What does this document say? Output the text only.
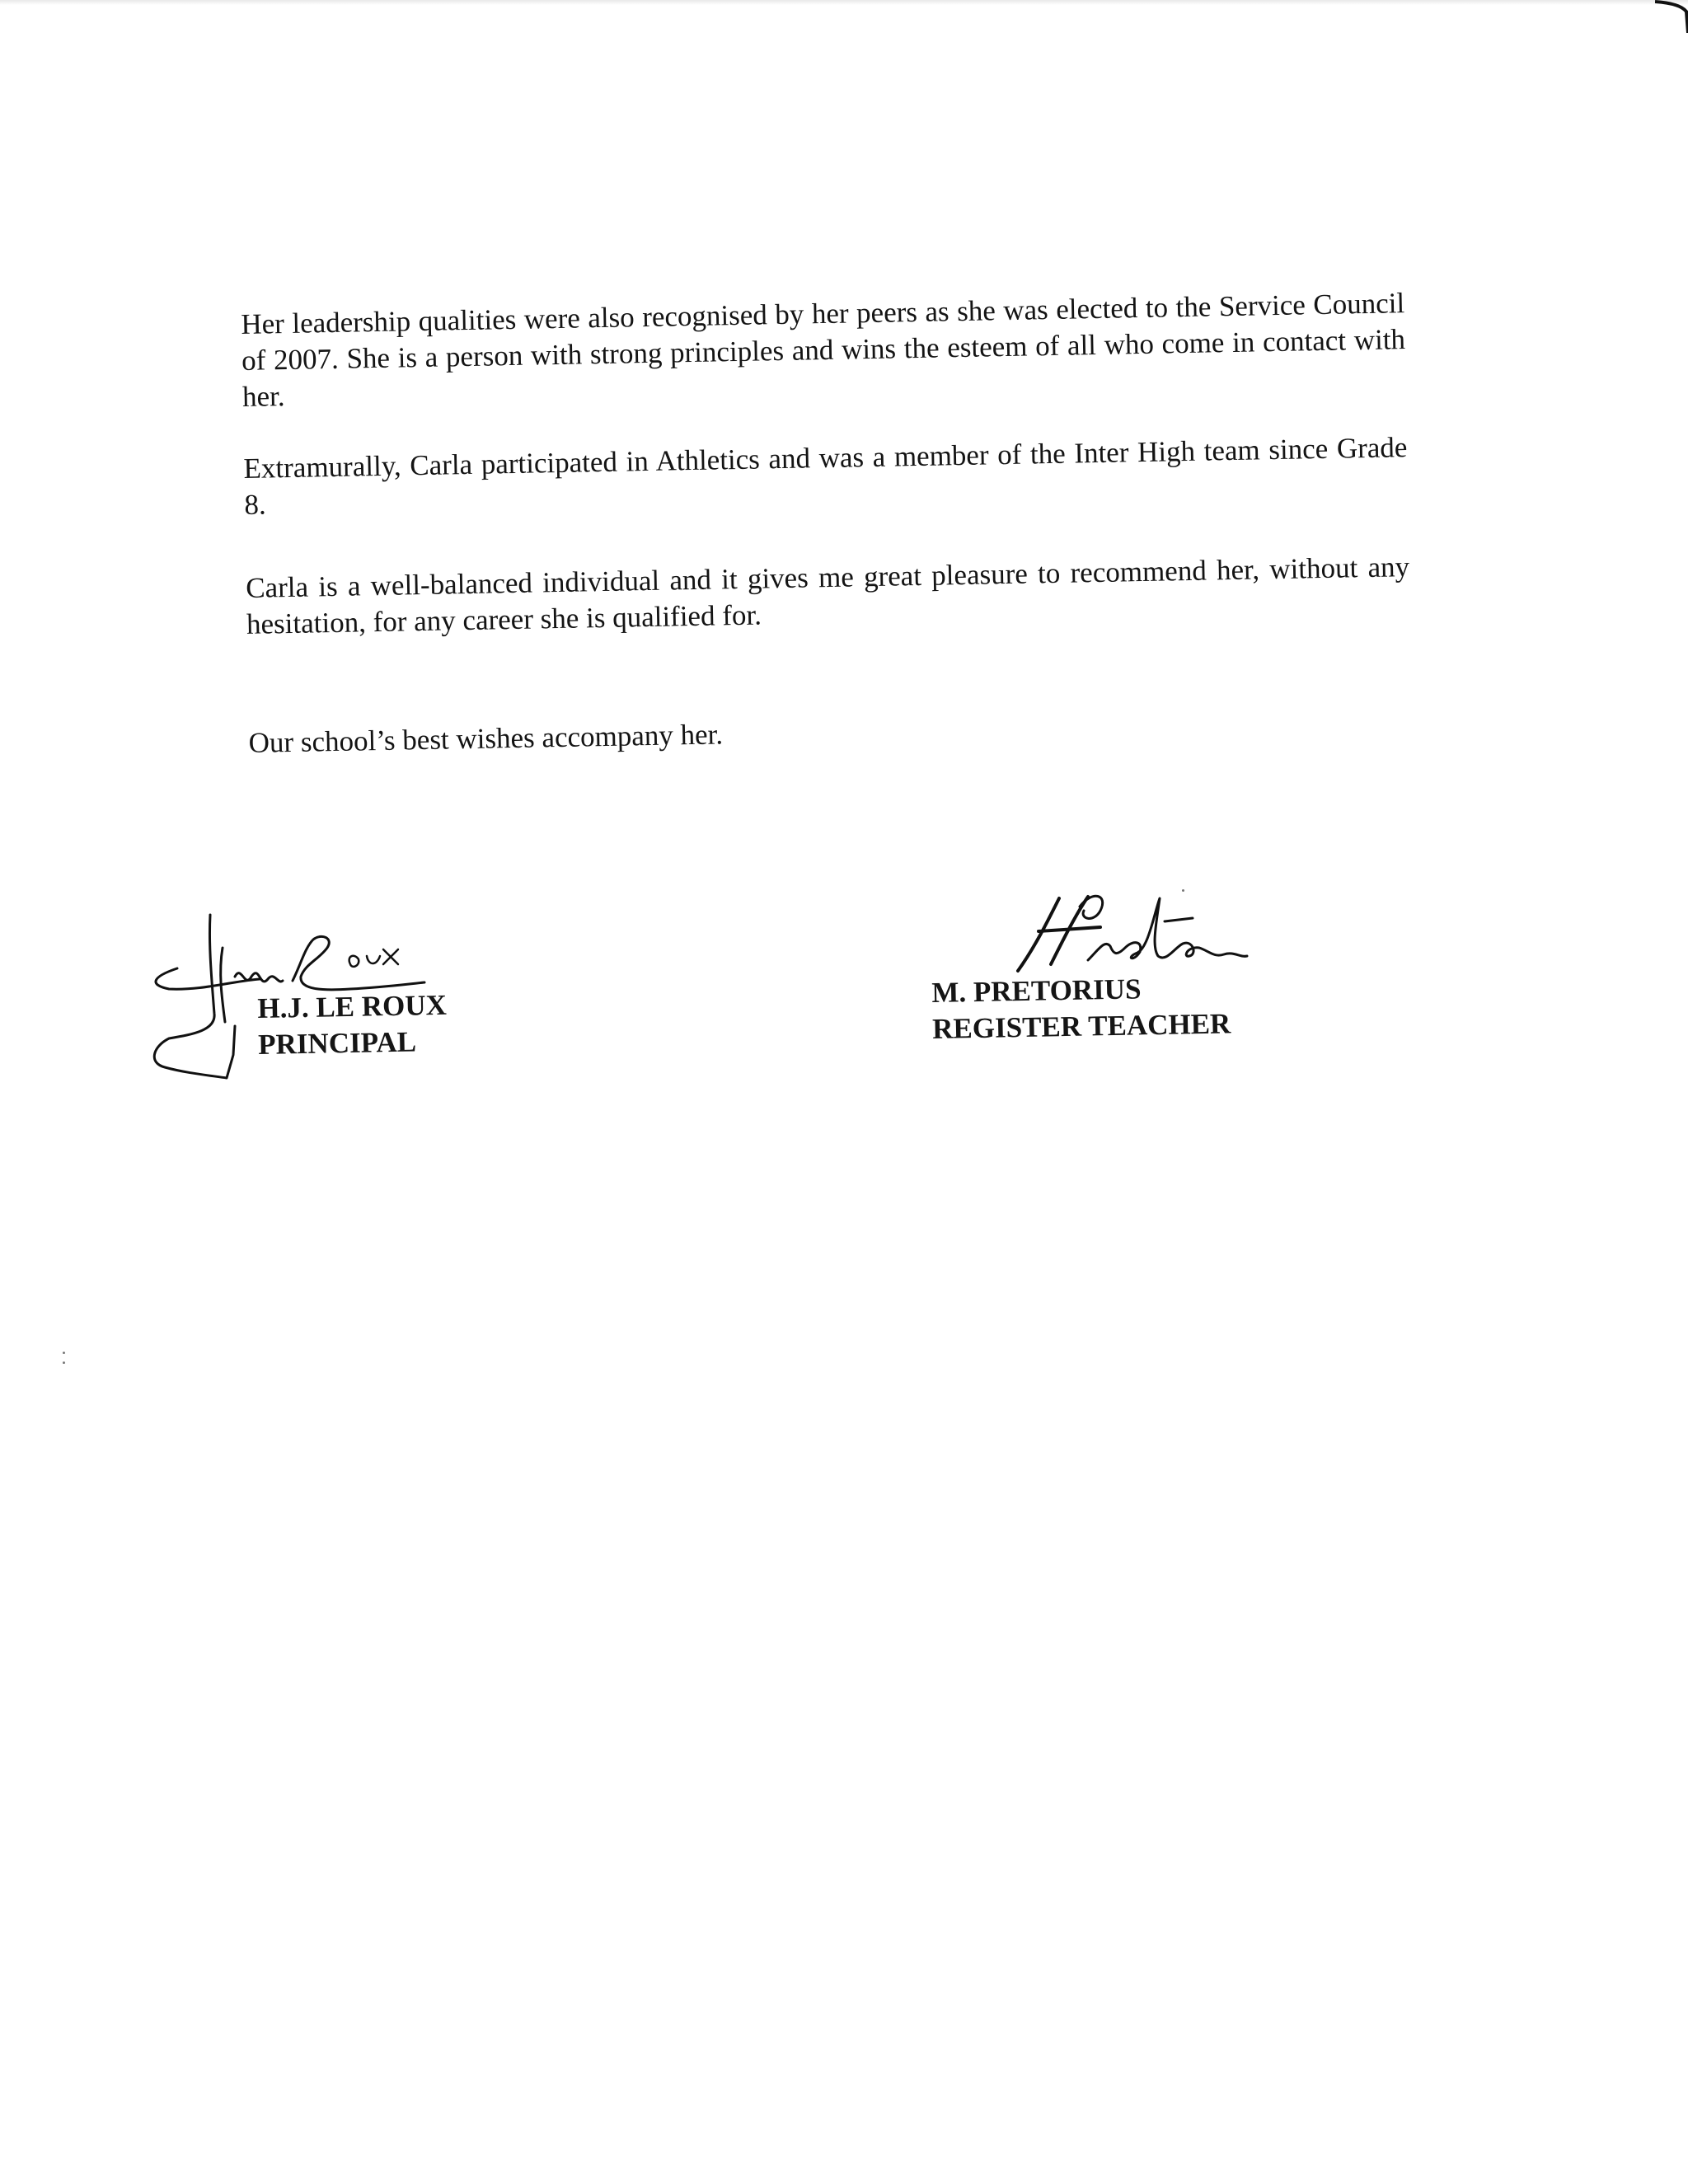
Her leadership qualities were also recognised by her peers as she was elected to the Service Council of 2007. She is a person with strong principles and wins the esteem of all who come in contact with her.

Extramurally, Carla participated in Athletics and was a member of the Inter High team since Grade 8.

Carla is a well-balanced individual and it gives me great pleasure to recommend her, without any hesitation, for any career she is qualified for.

Our school’s best wishes accompany her.

H.J. LE ROUX
PRINCIPAL
M. PRETORIUS
REGISTER TEACHER
